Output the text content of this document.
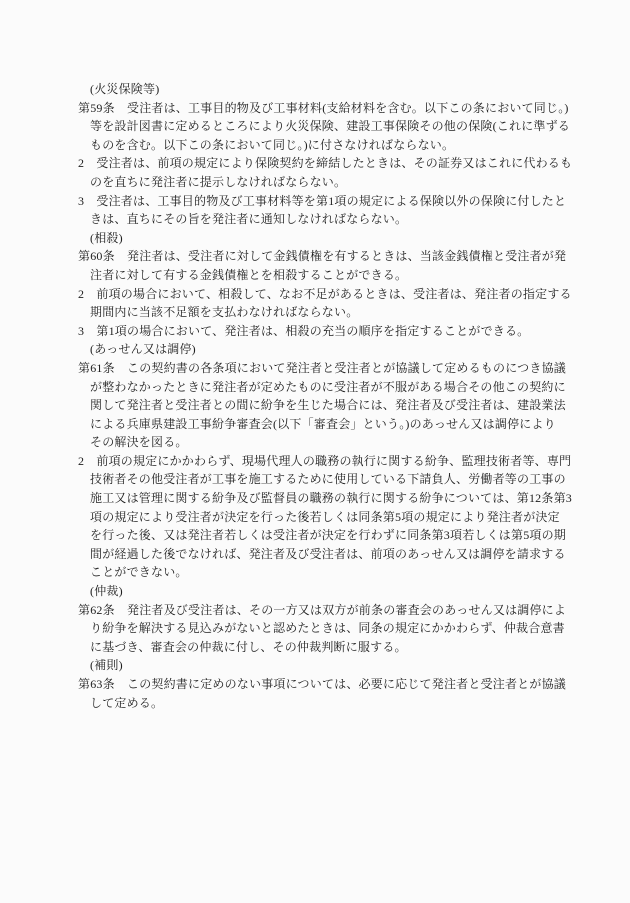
(火災保険等)
第59条　受注者は、工事目的物及び工事材料(支給材料を含む。以下この条において同じ。)
等を設計図書に定めるところにより火災保険、建設工事保険その他の保険(これに準ずる
ものを含む。以下この条において同じ。)に付さなければならない。
2　受注者は、前項の規定により保険契約を締結したときは、その証券又はこれに代わるも
のを直ちに発注者に提示しなければならない。
3　受注者は、工事目的物及び工事材料等を第1項の規定による保険以外の保険に付したと
きは、直ちにその旨を発注者に通知しなければならない。
(相殺)
第60条　発注者は、受注者に対して金銭債権を有するときは、当該金銭債権と受注者が発
注者に対して有する金銭債権とを相殺することができる。
2　前項の場合において、相殺して、なお不足があるときは、受注者は、発注者の指定する
期間内に当該不足額を支払わなければならない。
3　第1項の場合において、発注者は、相殺の充当の順序を指定することができる。
(あっせん又は調停)
第61条　この契約書の各条項において発注者と受注者とが協議して定めるものにつき協議
が整わなかったときに発注者が定めたものに受注者が不服がある場合その他この契約に
関して発注者と受注者との間に紛争を生じた場合には、発注者及び受注者は、建設業法
による兵庫県建設工事紛争審査会(以下「審査会」という。)のあっせん又は調停により
その解決を図る。
2　前項の規定にかかわらず、現場代理人の職務の執行に関する紛争、監理技術者等、専門
技術者その他受注者が工事を施工するために使用している下請負人、労働者等の工事の
施工又は管理に関する紛争及び監督員の職務の執行に関する紛争については、第12条第3
項の規定により受注者が決定を行った後若しくは同条第5項の規定により発注者が決定
を行った後、又は発注者若しくは受注者が決定を行わずに同条第3項若しくは第5項の期
間が経過した後でなければ、発注者及び受注者は、前項のあっせん又は調停を請求する
ことができない。
(仲裁)
第62条　発注者及び受注者は、その一方又は双方が前条の審査会のあっせん又は調停によ
り紛争を解決する見込みがないと認めたときは、同条の規定にかかわらず、仲裁合意書
に基づき、審査会の仲裁に付し、その仲裁判断に服する。
(補則)
第63条　この契約書に定めのない事項については、必要に応じて発注者と受注者とが協議
して定める。
